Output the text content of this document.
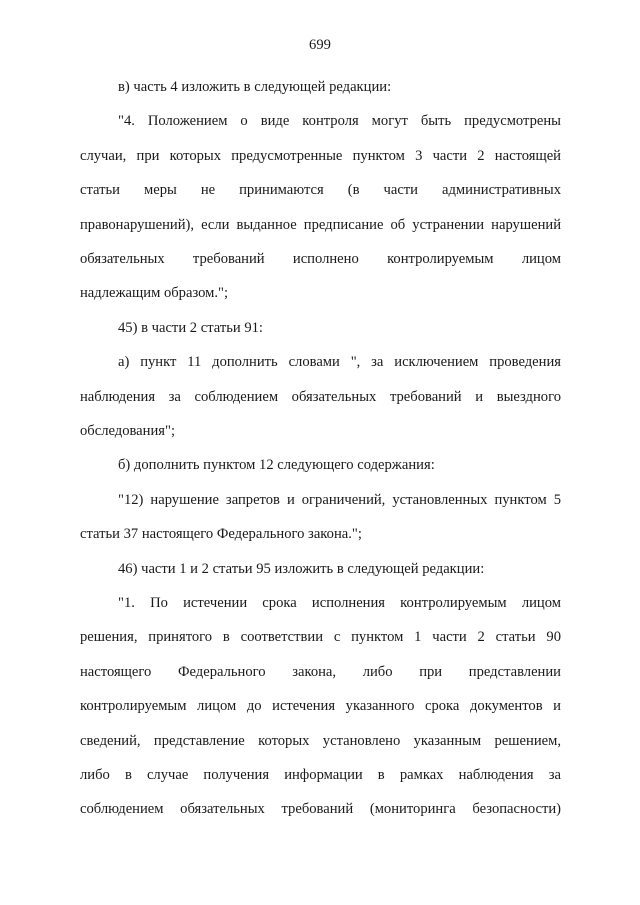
699
в) часть 4 изложить в следующей редакции:
"4. Положением о виде контроля могут быть предусмотрены
случаи, при которых предусмотренные пунктом 3 части 2 настоящей
статьи меры не принимаются (в части административных
правонарушений), если выданное предписание об устранении нарушений
обязательных требований исполнено контролируемым лицом
надлежащим образом.";
45) в части 2 статьи 91:
а) пункт 11 дополнить словами ", за исключением проведения
наблюдения за соблюдением обязательных требований и выездного
обследования";
б) дополнить пунктом 12 следующего содержания:
"12) нарушение запретов и ограничений, установленных пунктом 5
статьи 37 настоящего Федерального закона.";
46) части 1 и 2 статьи 95 изложить в следующей редакции:
"1. По истечении срока исполнения контролируемым лицом
решения, принятого в соответствии с пунктом 1 части 2 статьи 90
настоящего Федерального закона, либо при представлении
контролируемым лицом до истечения указанного срока документов и
сведений, представление которых установлено указанным решением,
либо в случае получения информации в рамках наблюдения за
соблюдением обязательных требований (мониторинга безопасности)
